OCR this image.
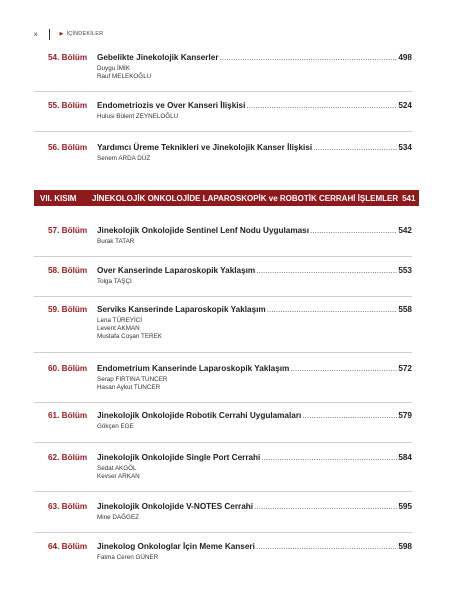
x	▶ İÇİNDEKİLER
54. Bölüm	Gebelikte Jinekolojik Kanserler .....	498
Duygu İMİK
Rauf MELEKOĞLU
55. Bölüm	Endometriozis ve Over Kanseri İlişkisi .....	524
Hulusi Bülent ZEYNELOĞLU
56. Bölüm	Yardımcı Üreme Teknikleri ve Jinekolojik Kanser İlişkisi .....	534
Senem ARDA DÜZ
VII. KISIM	JİNEKOLOJİK ONKOLOJİDE LAPAROSKOPİK ve ROBOTİK CERRAHİ İŞLEMLER 541
57. Bölüm	Jinekolojik Onkolojide Sentinel Lenf Nodu Uygulaması .....	542
Burak TATAR
58. Bölüm	Over Kanserinde Laparoskopik Yaklaşım .....	553
Tolga TAŞÇI
59. Bölüm	Serviks Kanserinde Laparoskopik Yaklaşım .....	558
Lena TÜREYİCİ
Levent AKMAN
Mustafa Coşan TEREK
60. Bölüm	Endometrium Kanserinde Laparoskopik Yaklaşım .....	572
Serap FIRTINA TUNCER
Hasan Aykut TUNCER
61. Bölüm	Jinekolojik Onkolojide Robotik Cerrahi Uygulamaları .....	579
Gökçen EGE
62. Bölüm	Jinekolojik Onkolojide Single Port Cerrahi .....	584
Sedat AKGÖL
Kevser ARKAN
63. Bölüm	Jinekolojik Onkolojide V-NOTES Cerrahi .....	595
Mine DAĞGEZ
64. Bölüm	Jinekolog Onkologlar İçin Meme Kanseri .....	598
Fatma Ceren GÜNER
